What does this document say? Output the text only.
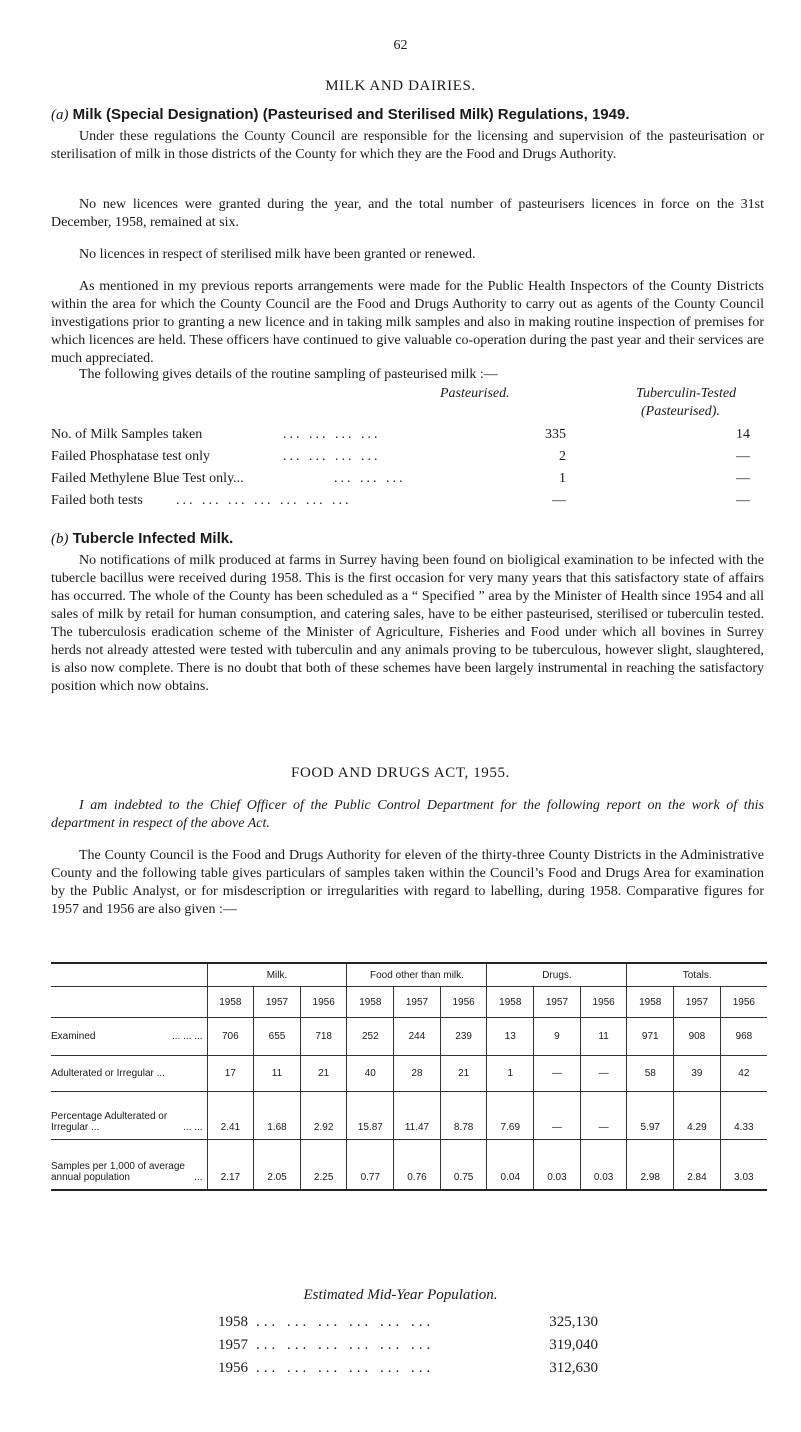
62
MILK AND DAIRIES.
(a) Milk (Special Designation) (Pasteurised and Sterilised Milk) Regulations, 1949.

Under these regulations the County Council are responsible for the licensing and supervision of the pasteurisation or sterilisation of milk in those districts of the County for which they are the Food and Drugs Authority.

No new licences were granted during the year, and the total number of pasteurisers licences in force on the 31st December, 1958, remained at six.

No licences in respect of sterilised milk have been granted or renewed.

As mentioned in my previous reports arrangements were made for the Public Health Inspectors of the County Districts within the area for which the County Council are the Food and Drugs Authority to carry out as agents of the County Council investigations prior to granting a new licence and in taking milk samples and also in making routine inspection of premises for which licences are held. These officers have continued to give valuable co-operation during the past year and their services are much appreciated.

The following gives details of the routine sampling of pasteurised milk :—

Pasteurised.	Tuberculin-Tested
(Pasteurised).
No. of Milk Samples taken	... ... ... ...	335	14
Failed Phosphatase test only	... ... ... ...	2	—
Failed Methylene Blue Test only...	... ... ...	1	—
Failed both tests ... ... ... ... ... ... ...	—	—
(b) Tubercle Infected Milk.

No notifications of milk produced at farms in Surrey having been found on bioligical examination to be infected with the tubercle bacillus were received during 1958. This is the first occasion for very many years that this satisfactory state of affairs has occurred. The whole of the County has been scheduled as a “ Specified ” area by the Minister of Health since 1954 and all sales of milk by retail for human consumption, and catering sales, have to be either pasteurised, sterilised or tuberculin tested. The tuberculosis eradication scheme of the Minister of Agriculture, Fisheries and Food under which all bovines in Surrey herds not already attested were tested with tuberculin and any animals proving to be tuberculous, however slight, slaughtered, is also now complete. There is no doubt that both of these schemes have been largely instrumental in reaching the satisfactory position which now obtains.

FOOD AND DRUGS ACT, 1955.

I am indebted to the Chief Officer of the Public Control Department for the following report on the work of this department in respect of the above Act.

The County Council is the Food and Drugs Authority for eleven of the thirty-three County Districts in the Administrative County and the following table gives particulars of samples taken within the Council’s Food and Drugs Area for examination by the Public Analyst, or for misdescription or irregularities with regard to labelling, during 1958. Comparative figures for 1957 and 1956 are also given :—

	Milk.			Food other than milk.			Drugs.			Totals.		
	1958	1957	1956	1958	1957	1956	1958	1957	1956	1958	1957	1956
Examined ... ... ...	706	655	718	252	244	239	13	9	11	971	908	968
Adulterated or Irregular ...	17	11	21	40	28	21	1	—	—	58	39	42
Percentage Adulterated or
Irregular ... ... ...	2.41	1.68	2.92	15.87	11.47	8.78	7.69	—	—	5.97	4.29	4.33
Samples per 1,000 of average
annual population ...	2.17	2.05	2.25	0.77	0.76	0.75	0.04	0.03	0.03	2.98	2.84	3.03
Estimated Mid-Year Population.
1958 ... ... ... ... ... ...	325,130
1957 ... ... ... ... ... ...	319,040
1956 ... ... ... ... ... ...	312,630
